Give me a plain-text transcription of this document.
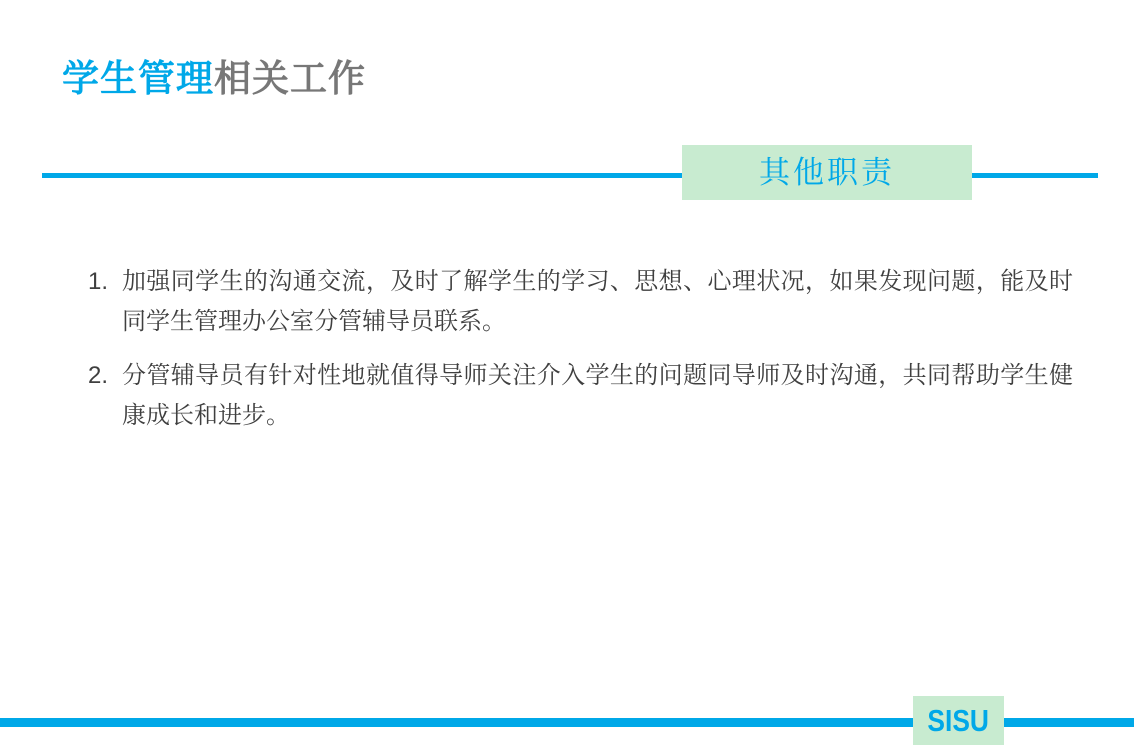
学生管理相关工作
其他职责
1. 加强同学生的沟通交流，及时了解学生的学习、思想、心理状况，如果发现问题，能及时同学生管理办公室分管辅导员联系。
2. 分管辅导员有针对性地就值得导师关注介入学生的问题同导师及时沟通，共同帮助学生健康成长和进步。
SISU
